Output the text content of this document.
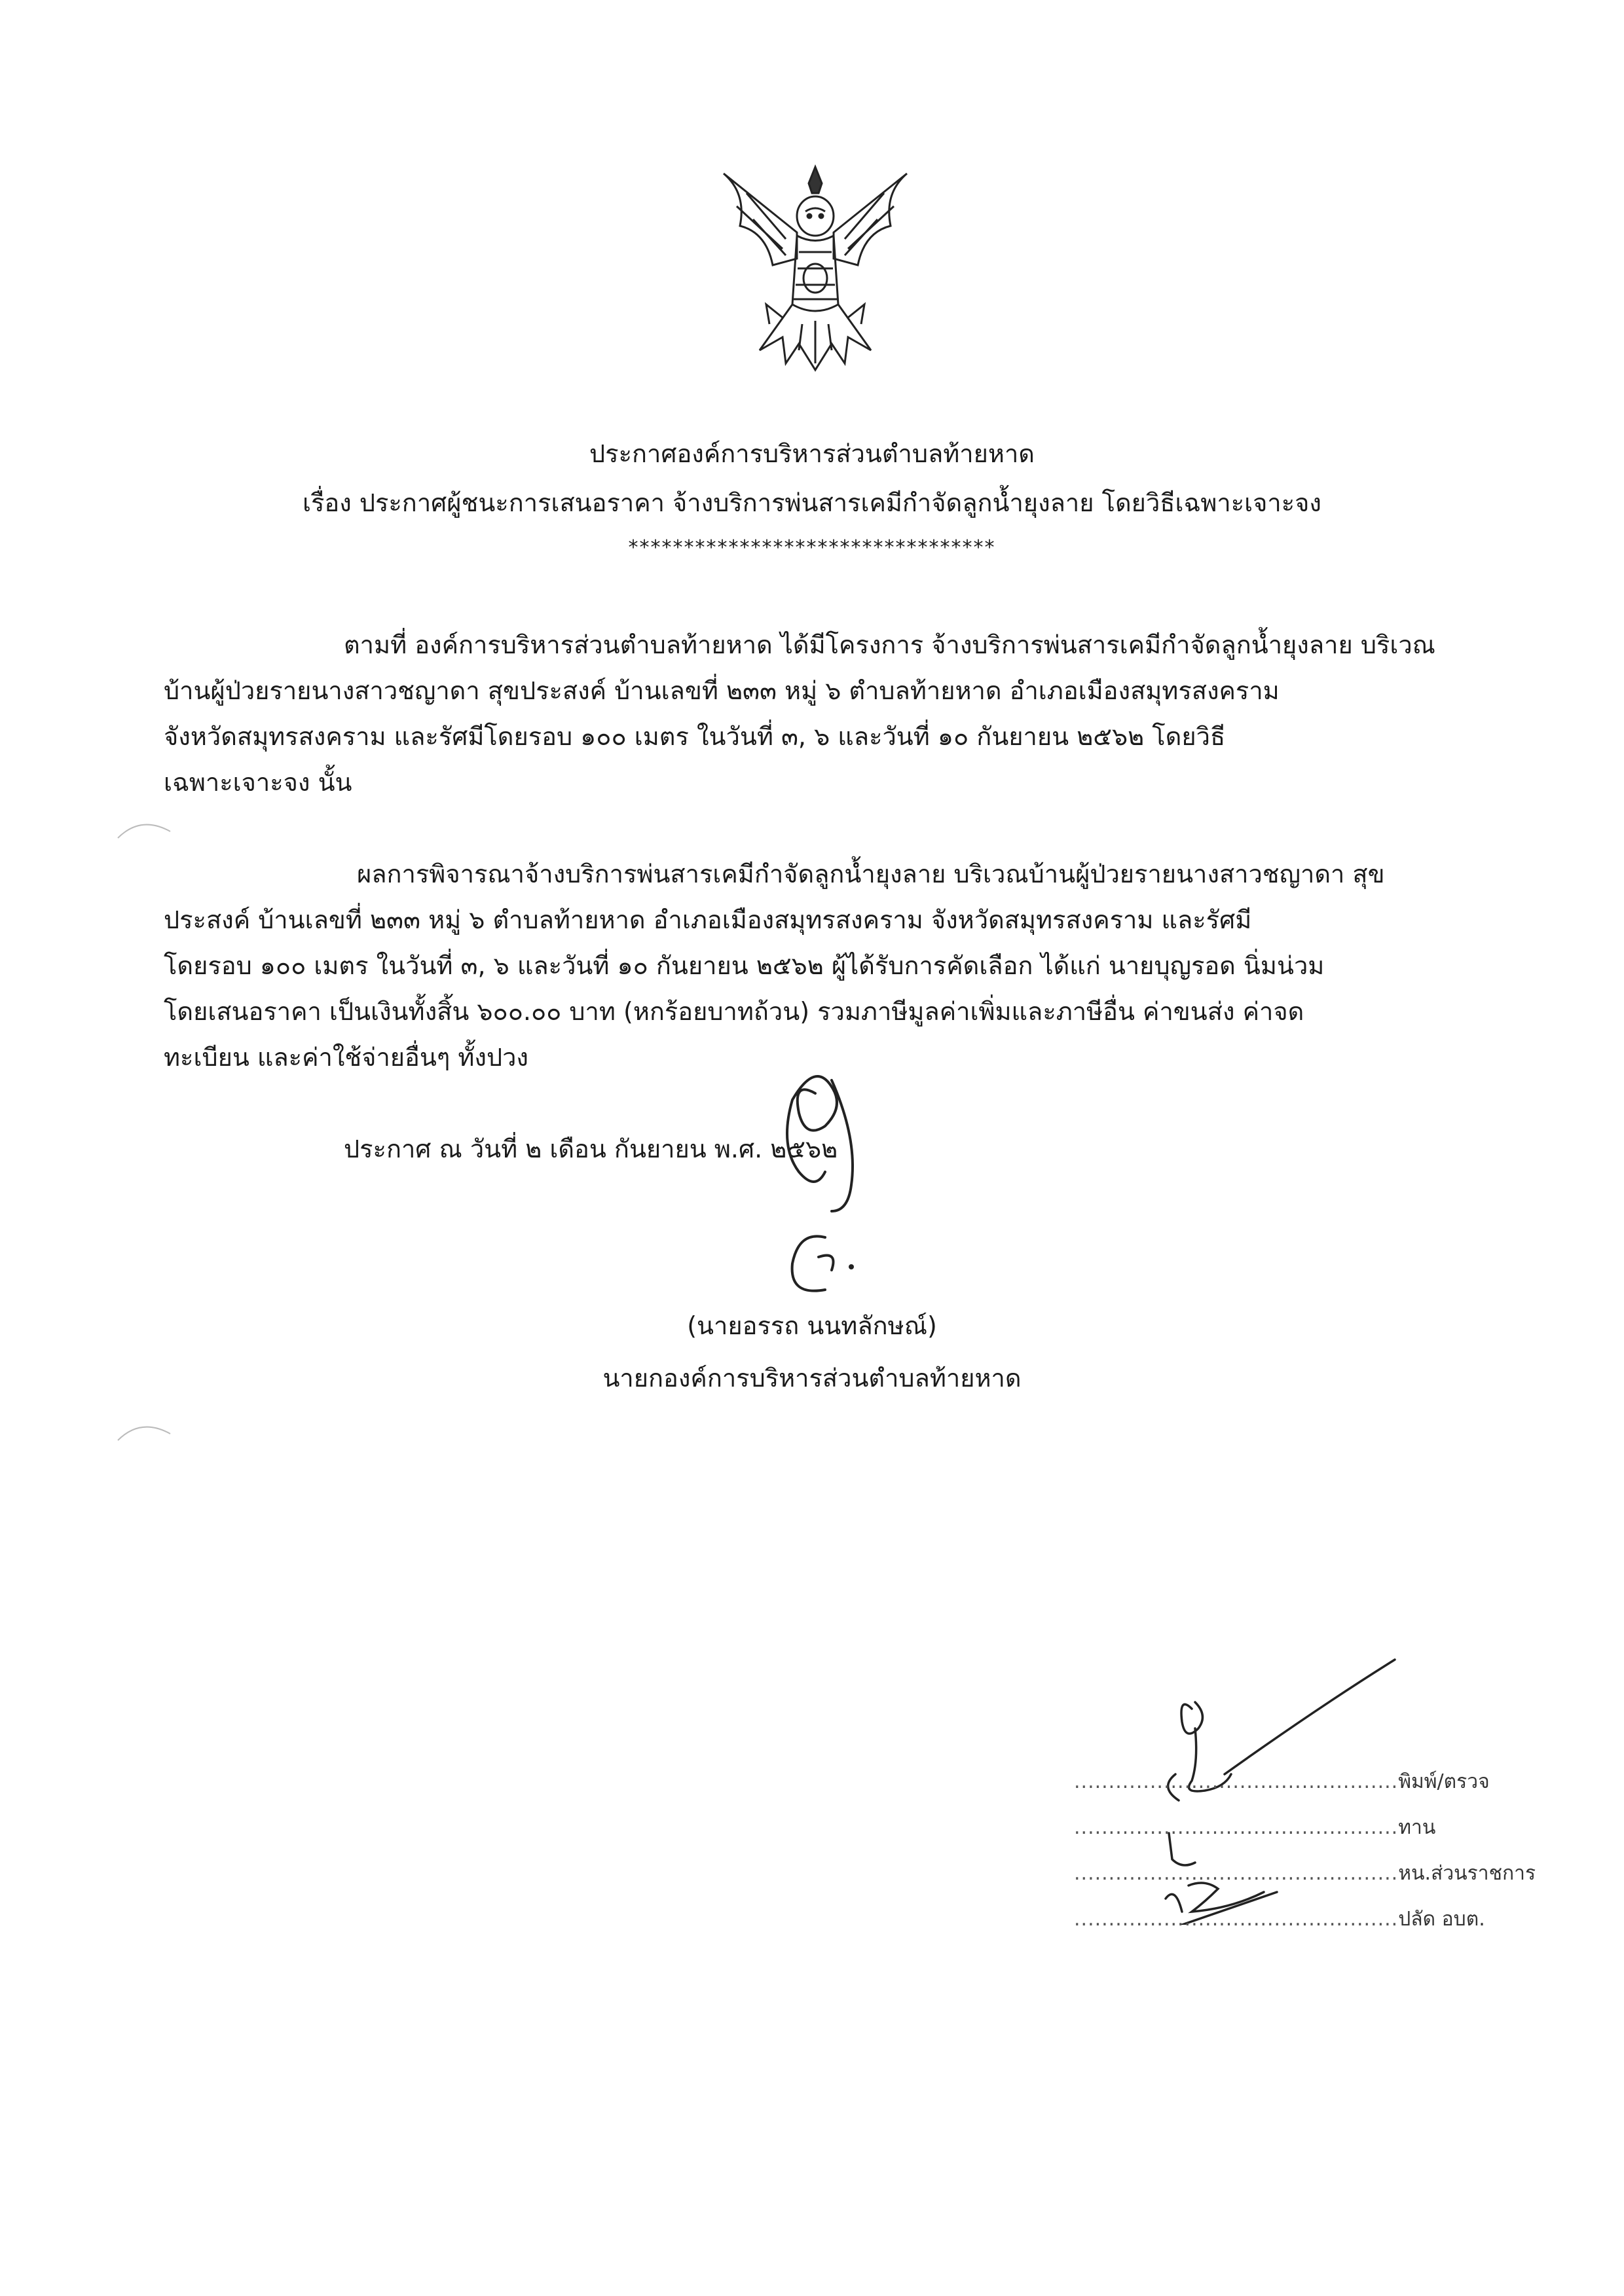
ประกาศองค์การบริหารส่วนตำบลท้ายหาด
เรื่อง ประกาศผู้ชนะการเสนอราคา จ้างบริการพ่นสารเคมีกำจัดลูกน้ำยุงลาย โดยวิธีเฉพาะเจาะจง
*********************************
ตามที่ องค์การบริหารส่วนตำบลท้ายหาด ได้มีโครงการ จ้างบริการพ่นสารเคมีกำจัดลูกน้ำยุงลาย บริเวณ
บ้านผู้ป่วยรายนางสาวชญาดา สุขประสงค์ บ้านเลขที่ ๒๓๓ หมู่ ๖ ตำบลท้ายหาด อำเภอเมืองสมุทรสงคราม
จังหวัดสมุทรสงคราม และรัศมีโดยรอบ ๑๐๐ เมตร ในวันที่ ๓, ๖ และวันที่ ๑๐ กันยายน ๒๕๖๒ โดยวิธี
เฉพาะเจาะจง นั้น
ผลการพิจารณาจ้างบริการพ่นสารเคมีกำจัดลูกน้ำยุงลาย บริเวณบ้านผู้ป่วยรายนางสาวชญาดา สุข
ประสงค์ บ้านเลขที่ ๒๓๓ หมู่ ๖ ตำบลท้ายหาด อำเภอเมืองสมุทรสงคราม จังหวัดสมุทรสงคราม และรัศมี
โดยรอบ ๑๐๐ เมตร ในวันที่ ๓, ๖ และวันที่ ๑๐ กันยายน ๒๕๖๒ ผู้ได้รับการคัดเลือก ได้แก่ นายบุญรอด นิ่มน่วม
โดยเสนอราคา เป็นเงินทั้งสิ้น ๖๐๐.๐๐ บาท (หกร้อยบาทถ้วน) รวมภาษีมูลค่าเพิ่มและภาษีอื่น ค่าขนส่ง ค่าจด
ทะเบียน และค่าใช้จ่ายอื่นๆ ทั้งปวง
ประกาศ ณ วันที่ ๒ เดือน กันยายน พ.ศ. ๒๕๖๒
(นายอรรถ นนทลักษณ์)
นายกองค์การบริหารส่วนตำบลท้ายหาด
...............................................พิมพ์/ตรวจ
...............................................ทาน
...............................................หน.ส่วนราชการ
...............................................ปลัด อบต.
